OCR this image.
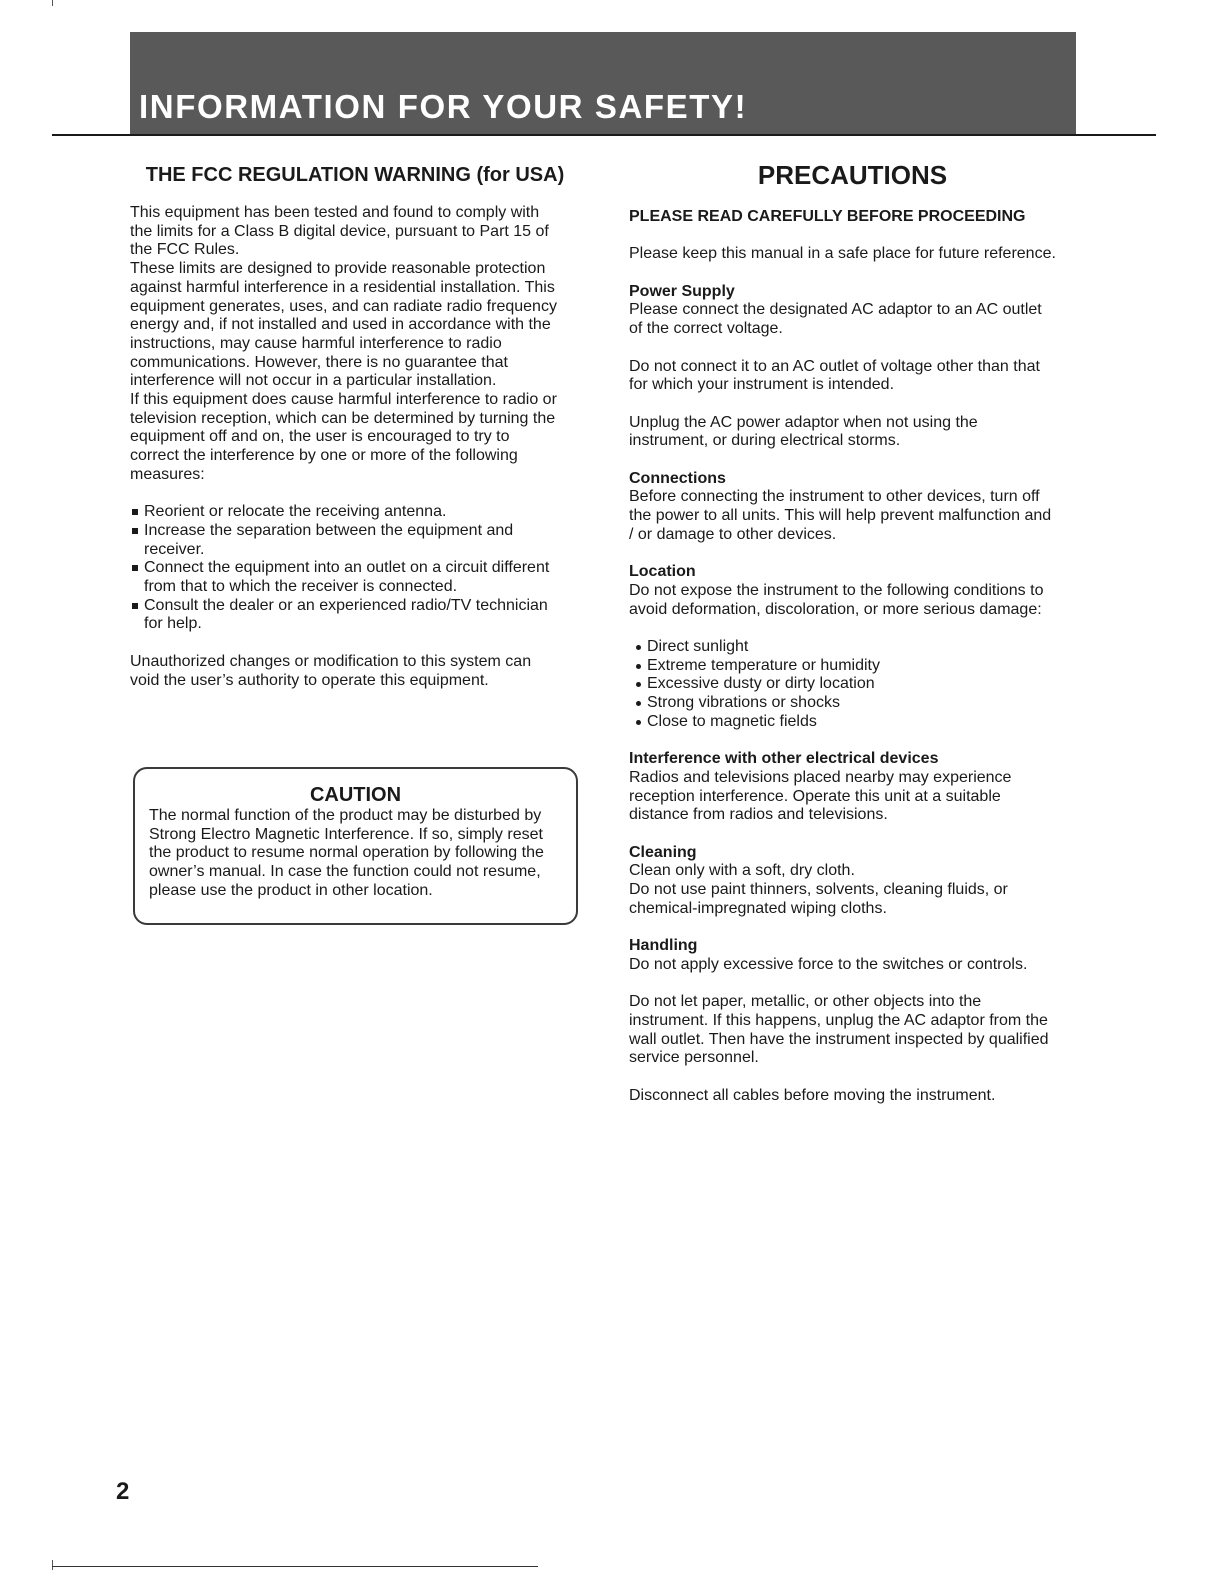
INFORMATION FOR YOUR SAFETY!
THE FCC REGULATION WARNING (for USA)
This equipment has been tested and found to comply with
the limits for a Class B digital device, pursuant to Part 15 of
the FCC Rules.
These limits are designed to provide reasonable protection
against harmful interference in a residential installation. This
equipment generates, uses, and can radiate radio frequency
energy and, if not installed and used in accordance with the
instructions, may cause harmful interference to radio
communications. However, there is no guarantee that
interference will not occur in a particular installation.
If this equipment does cause harmful interference to radio or
television reception, which can be determined by turning the
equipment off and on, the user is encouraged to try to
correct the interference by one or more of the following
measures:
Reorient or relocate the receiving antenna.
Increase the separation between the equipment and
receiver.
Connect the equipment into an outlet on a circuit different
from that to which the receiver is connected.
Consult the dealer or an experienced radio/TV technician
for help.
Unauthorized changes or modification to this system can
void the user’s authority to operate this equipment.
CAUTION
The normal function of the product may be disturbed by
Strong Electro Magnetic Interference. If so, simply reset
the product to resume normal operation by following the
owner’s manual. In case the function could not resume,
please use the product in other location.
PRECAUTIONS
PLEASE READ CAREFULLY BEFORE PROCEEDING
Please keep this manual in a safe place for future reference.
Power Supply
Please connect the designated AC adaptor to an AC outlet
of the correct voltage.
Do not connect it to an AC outlet of voltage other than that
for which your instrument is intended.
Unplug the AC power adaptor when not using the
instrument, or during electrical storms.
Connections
Before connecting the instrument to other devices, turn off
the power to all units. This will help prevent malfunction and
/ or damage to other devices.
Location
Do not expose the instrument to the following conditions to
avoid deformation, discoloration, or more serious damage:
Direct sunlight
Extreme temperature or humidity
Excessive dusty or dirty location
Strong vibrations or shocks
Close to magnetic fields
Interference with other electrical devices
Radios and televisions placed nearby may experience
reception interference. Operate this unit at a suitable
distance from radios and televisions.
Cleaning
Clean only with a soft, dry cloth.
Do not use paint thinners, solvents, cleaning fluids, or
chemical-impregnated wiping cloths.
Handling
Do not apply excessive force to the switches or controls.
Do not let paper, metallic, or other objects into the
instrument. If this happens, unplug the AC adaptor from the
wall outlet. Then have the instrument inspected by qualified
service personnel.
Disconnect all cables before moving the instrument.
2
